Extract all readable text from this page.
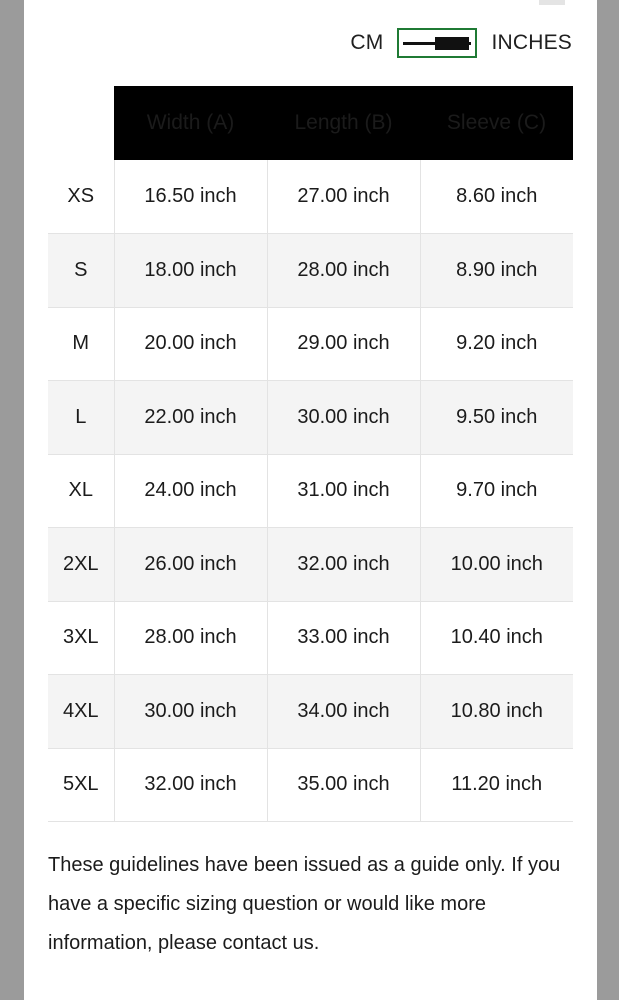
CM	INCHES
	Width (A)	Length (B)	Sleeve (C)
XS	16.50 inch	27.00 inch	8.60 inch
S	18.00 inch	28.00 inch	8.90 inch
M	20.00 inch	29.00 inch	9.20 inch
L	22.00 inch	30.00 inch	9.50 inch
XL	24.00 inch	31.00 inch	9.70 inch
2XL	26.00 inch	32.00 inch	10.00 inch
3XL	28.00 inch	33.00 inch	10.40 inch
4XL	30.00 inch	34.00 inch	10.80 inch
5XL	32.00 inch	35.00 inch	11.20 inch
These guidelines have been issued as a guide only. If you have a specific sizing question or would like more information, please contact us.
